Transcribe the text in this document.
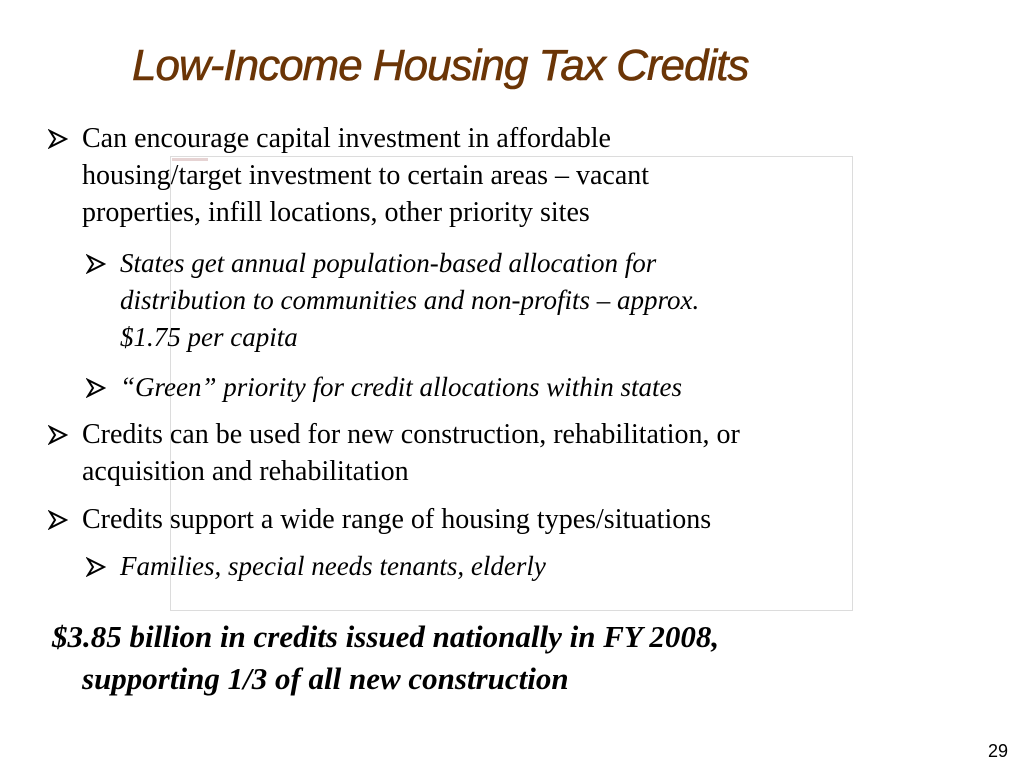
Low-Income Housing Tax Credits
Can encourage capital investment in affordable
housing/target investment to certain areas – vacant
properties, infill locations, other priority sites
States get annual population-based allocation for
distribution to communities and non-profits – approx.
$1.75 per capita
“Green” priority for credit allocations within states
Credits can be used for new construction, rehabilitation, or
acquisition and rehabilitation
Credits support a wide range of housing types/situations
Families, special needs tenants, elderly
$3.85 billion in credits issued nationally in FY 2008,
supporting 1/3 of all new construction
29
